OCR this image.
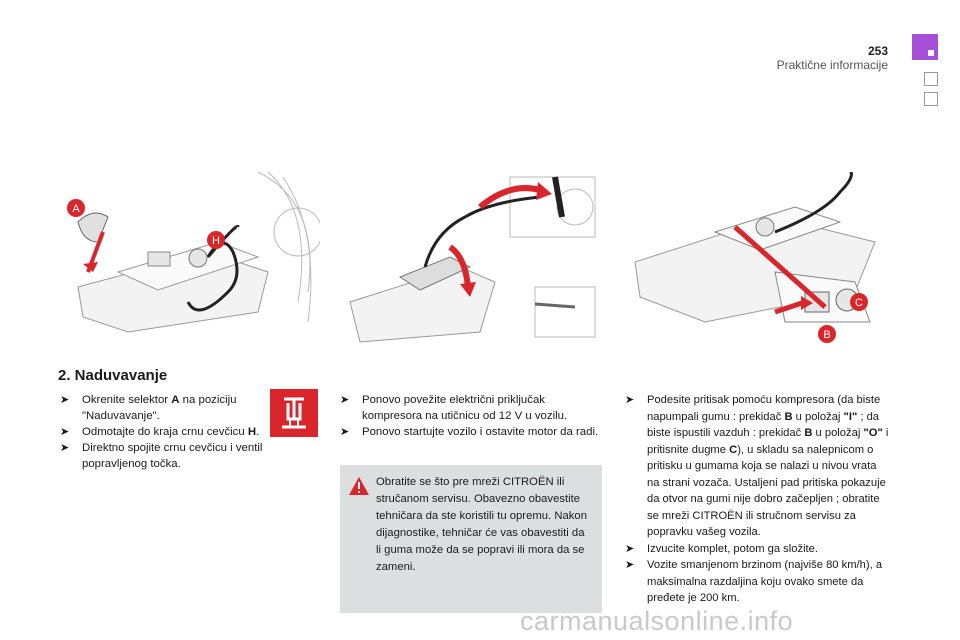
253
Praktične informacije
A
H
C
B
2. Naduvavanje
➤ Okrenite selektor A na poziciju "Naduvavanje".
➤ Odmotajte do kraja crnu cevčicu H.
➤ Direktno spojite crnu cevčicu i ventil popravljenog točka.
➤ Ponovo povežite električni priključak kompresora na utičnicu od 12 V u vozilu.
➤ Ponovo startujte vozilo i ostavite motor da radi.

Obratite se što pre mreži CITROËN ili stručanom servisu. Obavezno obavestite tehničara da ste koristili tu opremu. Nakon dijagnostike, tehničar će vas obavestiti da li guma može da se popravi ili mora da se zameni.

➤ Podesite pritisak pomoću kompresora (da biste napumpali gumu : prekidač B u položaj "I" ; da biste ispustili vazduh : prekidač B u položaj "O" i pritisnite dugme C), u skladu sa nalepnicom o pritisku u gumama koja se nalazi u nivou vrata na strani vozača. Ustaljeni pad pritiska pokazuje da otvor na gumi nije dobro začepljen ; obratite se mreži CITROËN ili stručnom servisu za popravku vašeg vozila.
➤ Izvucite komplet, potom ga složite.
➤ Vozite smanjenom brzinom (najviše 80 km/h), a maksimalna razdaljina koju ovako smete da pređete je 200 km.
carmanualsonline.info
